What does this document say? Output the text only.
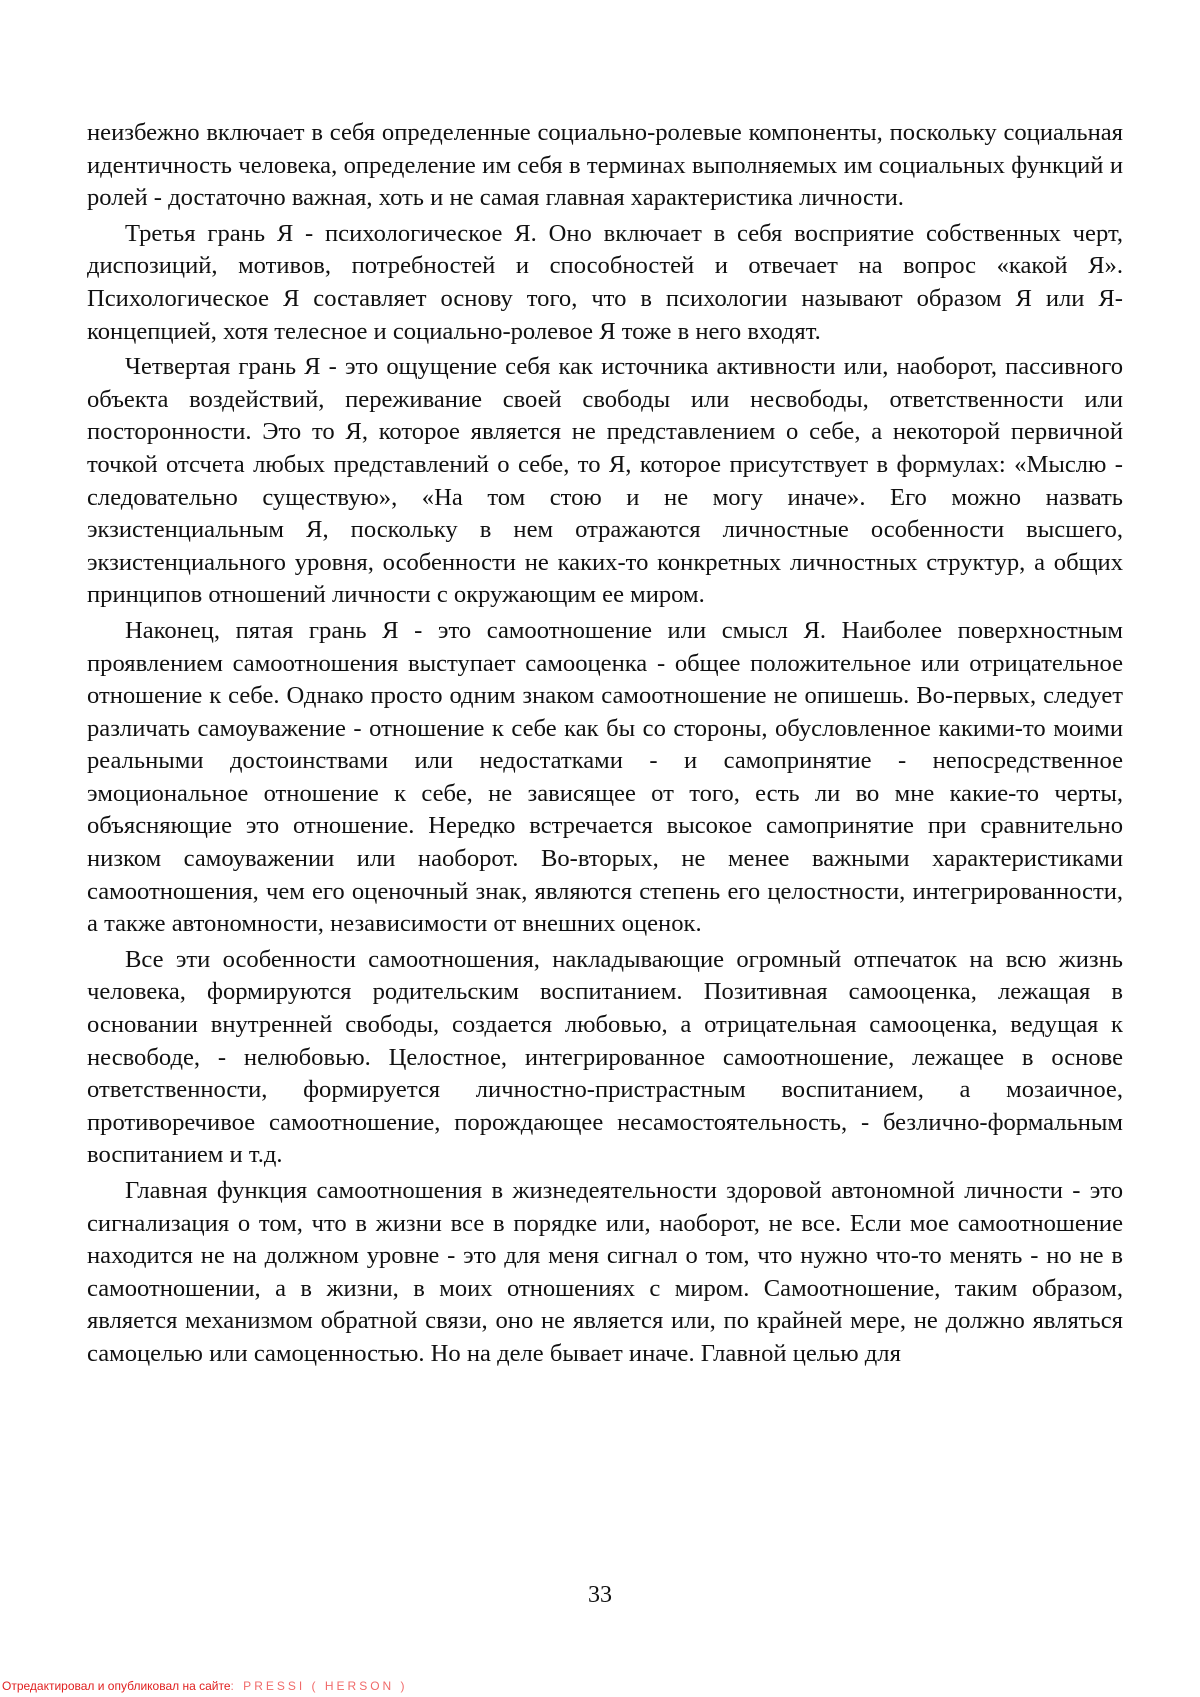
неизбежно включает в себя определенные социально-ролевые компоненты, поскольку социальная идентичность человека, определение им себя в терминах выполняемых им социальных функций и ролей - достаточно важная, хоть и не самая главная характеристика личности.

Третья грань Я - психологическое Я. Оно включает в себя восприятие собственных черт, диспозиций, мотивов, потребностей и способностей и отвечает на вопрос «какой Я». Психологическое Я составляет основу того, что в психологии называют образом Я или Я-концепцией, хотя телесное и социально-ролевое Я тоже в него входят.

Четвертая грань Я - это ощущение себя как источника активности или, наоборот, пассивного объекта воздействий, переживание своей свободы или несвободы, ответственности или посторонности. Это то Я, которое является не представлением о себе, а некоторой первичной точкой отсчета любых представлений о себе, то Я, которое присутствует в формулах: «Мыслю - следовательно существую», «На том стою и не могу иначе». Его можно назвать экзистенциальным Я, поскольку в нем отражаются личностные особенности высшего, экзистенциального уровня, особенности не каких-то конкретных личностных структур, а общих принципов отношений личности с окружающим ее миром.

Наконец, пятая грань Я - это самоотношение или смысл Я. Наиболее поверхностным проявлением самоотношения выступает самооценка - общее положительное или отрицательное отношение к себе. Однако просто одним знаком самоотношение не опишешь. Во-первых, следует различать самоуважение - отношение к себе как бы со стороны, обусловленное какими-то моими реальными достоинствами или недостатками - и самопринятие - непосредственное эмоциональное отношение к себе, не зависящее от того, есть ли во мне какие-то черты, объясняющие это отношение. Нередко встречается высокое самопринятие при сравнительно низком самоуважении или наоборот. Во-вторых, не менее важными характеристиками самоотношения, чем его оценочный знак, являются степень его целостности, интегрированности, а также автономности, независимости от внешних оценок.

Все эти особенности самоотношения, накладывающие огромный отпечаток на всю жизнь человека, формируются родительским воспитанием. Позитивная самооценка, лежащая в основании внутренней свободы, создается любовью, а отрицательная самооценка, ведущая к несвободе, - нелюбовью. Целостное, интегрированное самоотношение, лежащее в основе ответственности, формируется личностно-пристрастным воспитанием, а мозаичное, противоречивое самоотношение, порождающее несамостоятельность, - безлично-формальным воспитанием и т.д.

Главная функция самоотношения в жизнедеятельности здоровой автономной личности - это сигнализация о том, что в жизни все в порядке или, наоборот, не все. Если мое самоотношение находится не на должном уровне - это для меня сигнал о том, что нужно что-то менять - но не в самоотношении, а в жизни, в моих отношениях с миром. Самоотношение, таким образом, является механизмом обратной связи, оно не является или, по крайней мере, не должно являться самоцелью или самоценностью. Но на деле бывает иначе. Главной целью для

33
Отредактировал и опубликовал на сайте: PRESSI ( HERSON )
